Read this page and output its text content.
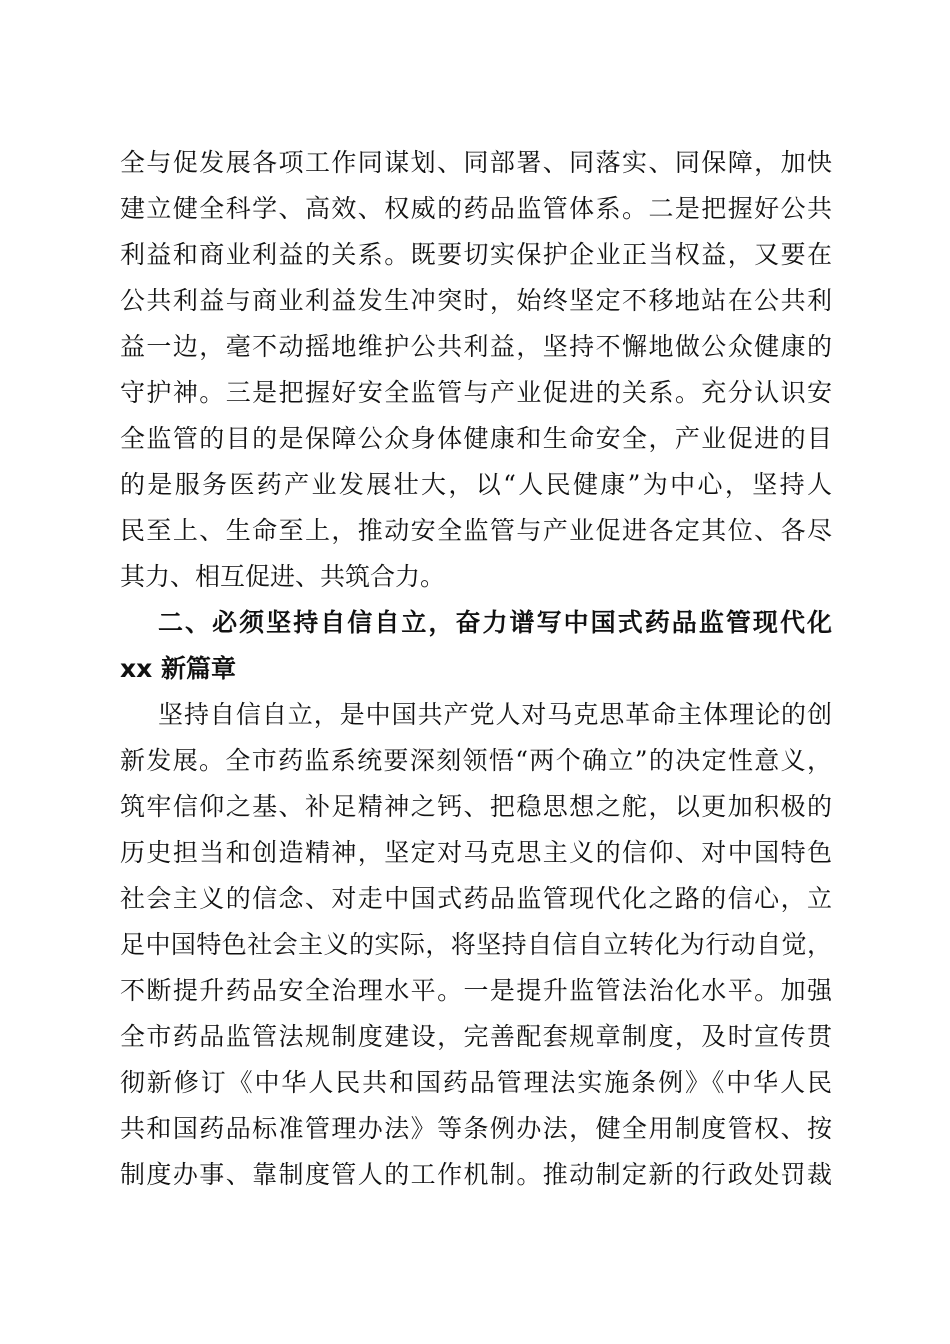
全与促发展各项工作同谋划、同部署、同落实、同保障，加快
建立健全科学、高效、权威的药品监管体系。二是把握好公共
利益和商业利益的关系。既要切实保护企业正当权益，又要在
公共利益与商业利益发生冲突时，始终坚定不移地站在公共利
益一边，毫不动摇地维护公共利益，坚持不懈地做公众健康的
守护神。三是把握好安全监管与产业促进的关系。充分认识安
全监管的目的是保障公众身体健康和生命安全，产业促进的目
的是服务医药产业发展壮大，以“人民健康”为中心，坚持人
民至上、生命至上，推动安全监管与产业促进各定其位、各尽
其力、相互促进、共筑合力。
二、必须坚持自信自立，奋力谱写中国式药品监管现代化
xx 新篇章
坚持自信自立，是中国共产党人对马克思革命主体理论的创
新发展。全市药监系统要深刻领悟“两个确立”的决定性意义，
筑牢信仰之基、补足精神之钙、把稳思想之舵，以更加积极的
历史担当和创造精神，坚定对马克思主义的信仰、对中国特色
社会主义的信念、对走中国式药品监管现代化之路的信心，立
足中国特色社会主义的实际，将坚持自信自立转化为行动自觉，
不断提升药品安全治理水平。一是提升监管法治化水平。加强
全市药品监管法规制度建设，完善配套规章制度，及时宣传贯
彻新修订《中华人民共和国药品管理法实施条例》《中华人民
共和国药品标准管理办法》等条例办法，健全用制度管权、按
制度办事、靠制度管人的工作机制。推动制定新的行政处罚裁
